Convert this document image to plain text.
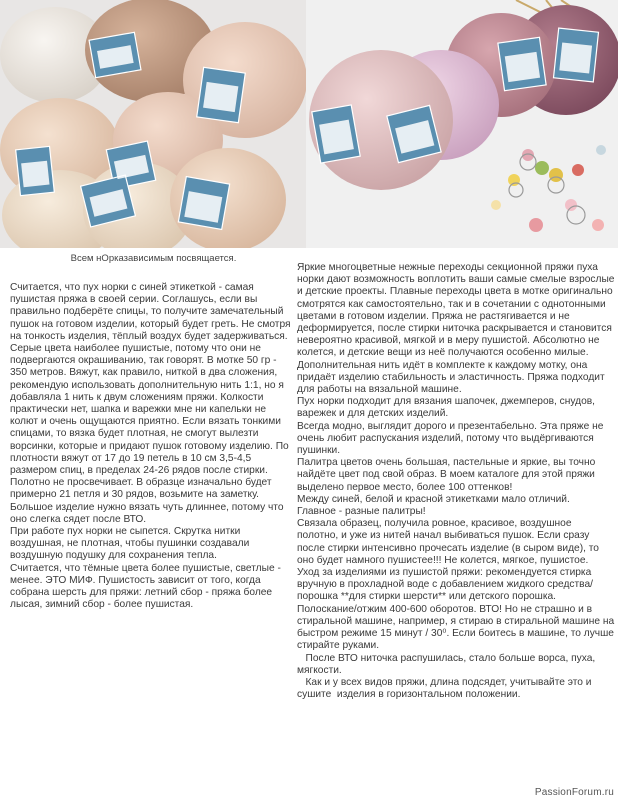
Всем нОрказависимым посвящается.

Считается, что пух норки с синей этикеткой - самая пушистая пряжа в своей серии. Соглашусь, если вы правильно подберёте спицы, то получите замечательный пушок на готовом изделии, который будет греть. Не смотря на тонкость изделия, тёплый воздух будет задерживаться.

Серые цвета наиболее пушистые, потому что они не подвергаются окрашиванию, так говорят. В мотке 50 гр - 350 метров. Вяжут, как правило, ниткой в два сложения, рекомендую использовать дополнительную нить 1:1, но я добавляла 1 нить к двум сложениям пряжи. Колкости практически нет, шапка и варежки мне ни капельки не колют и очень ощущаются приятно. Если вязать тонкими спицами, то вязка будет плотная, не смогут вылезти ворсинки, которые и придают пушок готовому изделию. По плотности вяжут от 17 до 19 петель в 10 см 3,5-4,5 размером спиц, в пределах 24-26 рядов после стирки. Полотно не просвечивает. В образце изначально будет примерно 21 петля и 30 рядов, возьмите на заметку. Большое изделие нужно вязать чуть длиннее, потому что оно слегка сядет после ВТО.

При работе пух норки не сыпется. Скрутка нитки воздушная, не плотная, чтобы пушинки создавали воздушную подушку для сохранения тепла.

Считается, что тёмные цвета более пушистые, светлые - менее. ЭТО МИФ. Пушистость зависит от того, когда собрана шерсть для пряжи: летний сбор - пряжа более лысая, зимний сбор - более пушистая.

Яркие многоцветные нежные переходы секционной пряжи пуха норки дают возможность воплотить ваши самые смелые взрослые и детские проекты. Плавные переходы цвета в мотке оригинально смотрятся как самостоятельно, так и в сочетании с однотонными цветами в готовом изделии. Пряжа не растягивается и не деформируется, после стирки ниточка раскрывается и становится невероятно красивой, мягкой и в меру пушистой. Абсолютно не колется, и детские вещи из неё получаются особенно милые.

Дополнительная нить идёт в комплекте к каждому мотку, она придаёт изделию стабильность и эластичность. Пряжа подходит для работы на вязальной машине.

Пух норки подходит для вязания шапочек, джемперов, снудов, варежек и для детских изделий.

Всегда модно, выглядит дорого и презентабельно. Эта пряже не очень любит распускания изделий, потому что выдёргиваются пушинки.

Палитра цветов очень большая, пастельные и яркие, вы точно найдёте цвет под свой образ. В моем каталоге для этой пряжи выделено первое место, более 100 оттенков!

Между синей, белой и красной этикетками мало отличий.

Главное - разные палитры!

Связала образец, получила ровное, красивое, воздушное полотно, и уже из нитей начал выбиваться пушок. Если сразу после стирки интенсивно прочесать изделие (в сыром виде), то оно будет намного пушистее!!! Не колется, мягкое, пушистое.

Уход за изделиями из пушистой пряжи: рекомендуется стирка вручную в прохладной воде с добавлением жидкого средства/порошка **для стирки шерсти** или детского порошка. Полоскание/отжим 400-600 оборотов. ВТО! Но не страшно и в стиральной машине, например, я стираю в стиральной машине на быстром режиме 15 минут / 30⁰. Если боитесь в машине, то лучше стирайте руками.

После ВТО ниточка распушилась, стало больше ворса, пуха, мягкости.

Как и у всех видов пряжи, длина подсядет, учитывайте это и сушите  изделия в горизонтальном положении.

PassionForum.ru
